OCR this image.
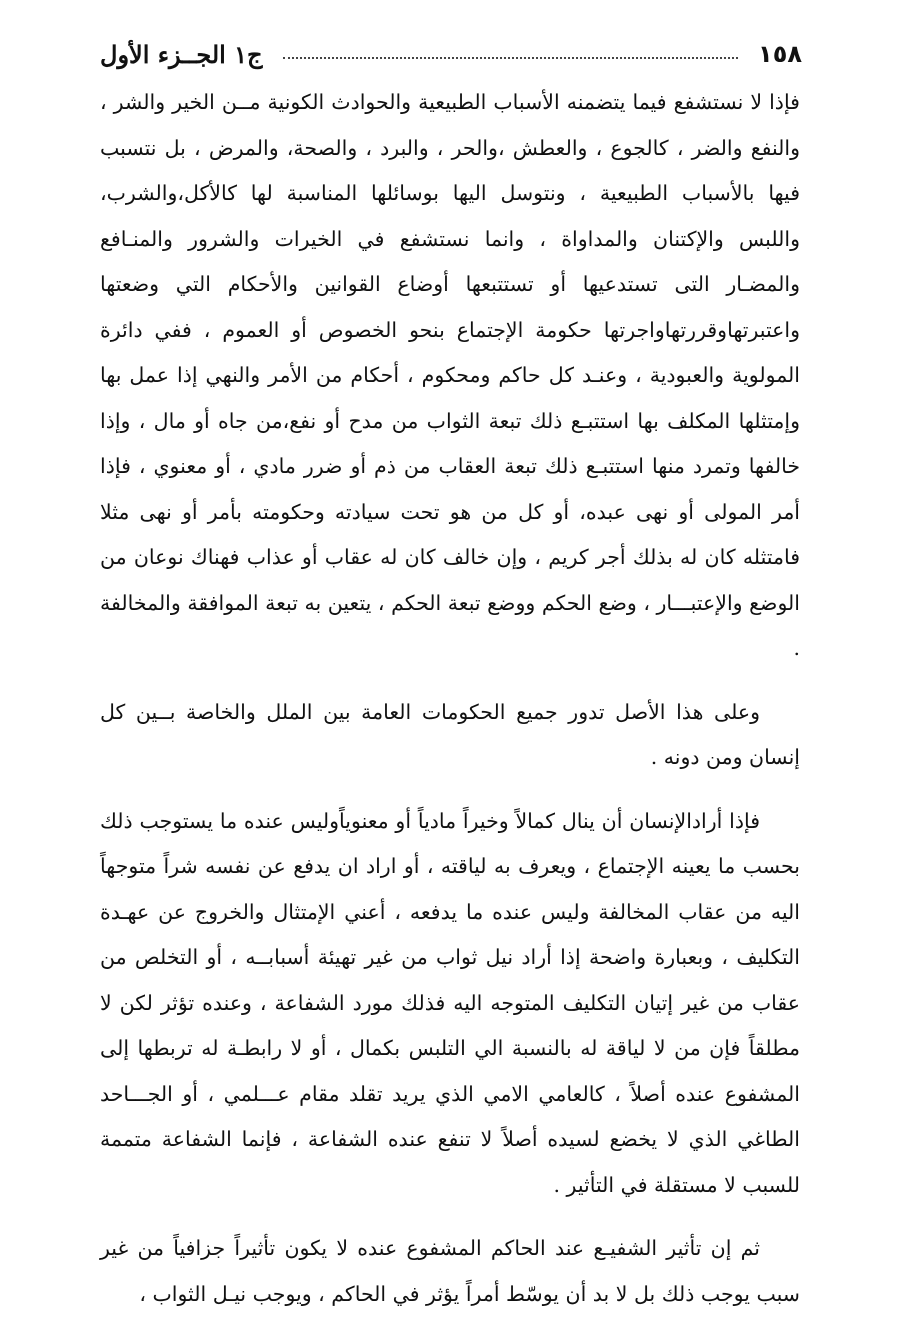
١٥٨
ج١ الجــزء الأول

فإذا لا نستشفع فيما يتضمنه الأسباب الطبيعية والحوادث الكونية مــن الخير والشر ، والنفع والضر ، كالجوع ، والعطش ،والحر ، والبرد ، والصحة، والمرض ، بل نتسبب فيها بالأسباب الطبيعية ، ونتوسل اليها بوسائلها المناسبة لها كالأكل،والشرب، واللبس والإكتنان والمداواة ، وانما نستشفع في الخيرات والشرور والمنـافع والمضـار التى تستدعيها أو تستتبعها أوضاع القوانين والأحكام التي وضعتها واعتبرتهاوقررتهاواجرتها حكومة الإجتماع بنحو الخصوص أو العموم ، ففي دائرة المولوية والعبودية ، وعنـد كل حاكم ومحكوم ، أحكام من الأمر والنهي إذا عمل بها وإمتثلها المكلف بها استتبـع ذلك تبعة الثواب من مدح أو نفع،من جاه أو مال ، وإذا خالفها وتمرد منها استتبـع ذلك تبعة العقاب من ذم أو ضرر مادي ، أو معنوي ، فإذا أمر المولى أو نهى عبده، أو كل من هو تحت سيادته وحكومته بأمر أو نهى مثلا فامتثله كان له بذلك أجر كريم ، وإن خالف كان له عقاب أو عذاب فهناك نوعان من الوضع والإعتبـــار ، وضع الحكم ووضع تبعة الحكم ، يتعين به تبعة الموافقة والمخالفة .

وعلى هذا الأصل تدور جميع الحكومات العامة بين الملل والخاصة بــين كل إنسان ومن دونه .

فإذا أرادالإنسان أن ينال كمالاً وخيراً مادياً أو معنوياًوليس عنده ما يستوجب ذلك بحسب ما يعينه الإجتماع ، ويعرف به لياقته ، أو اراد ان يدفع عن نفسه شراً متوجهاً اليه من عقاب المخالفة وليس عنده ما يدفعه ، أعني الإمتثال والخروج عن عهـدة التكليف ، وبعبارة واضحة إذا أراد نيل ثواب من غير تهيئة أسبابــه ، أو التخلص من عقاب من غير إتيان التكليف المتوجه اليه فذلك مورد الشفاعة ، وعنده تؤثر لكن لا مطلقاً فإن من لا لياقة له بالنسبة الي التلبس بكمال ، أو لا رابطـة له تربطها إلى المشفوع عنده أصلاً ، كالعامي الامي الذي يريد تقلد مقام عـــلمي ، أو الجـــاحد الطاغي الذي لا يخضع لسيده أصلاً لا تنفع عنده الشفاعة ، فإنما الشفاعة متممة للسبب لا مستقلة في التأثير .

ثم إن تأثير الشفيـع عند الحاكم المشفوع عنده لا يكون تأثيراً جزافياً من غير سبب يوجب ذلك بل لا بد أن يوسّط أمراً يؤثر في الحاكم ، ويوجب نيـل الثواب ،
